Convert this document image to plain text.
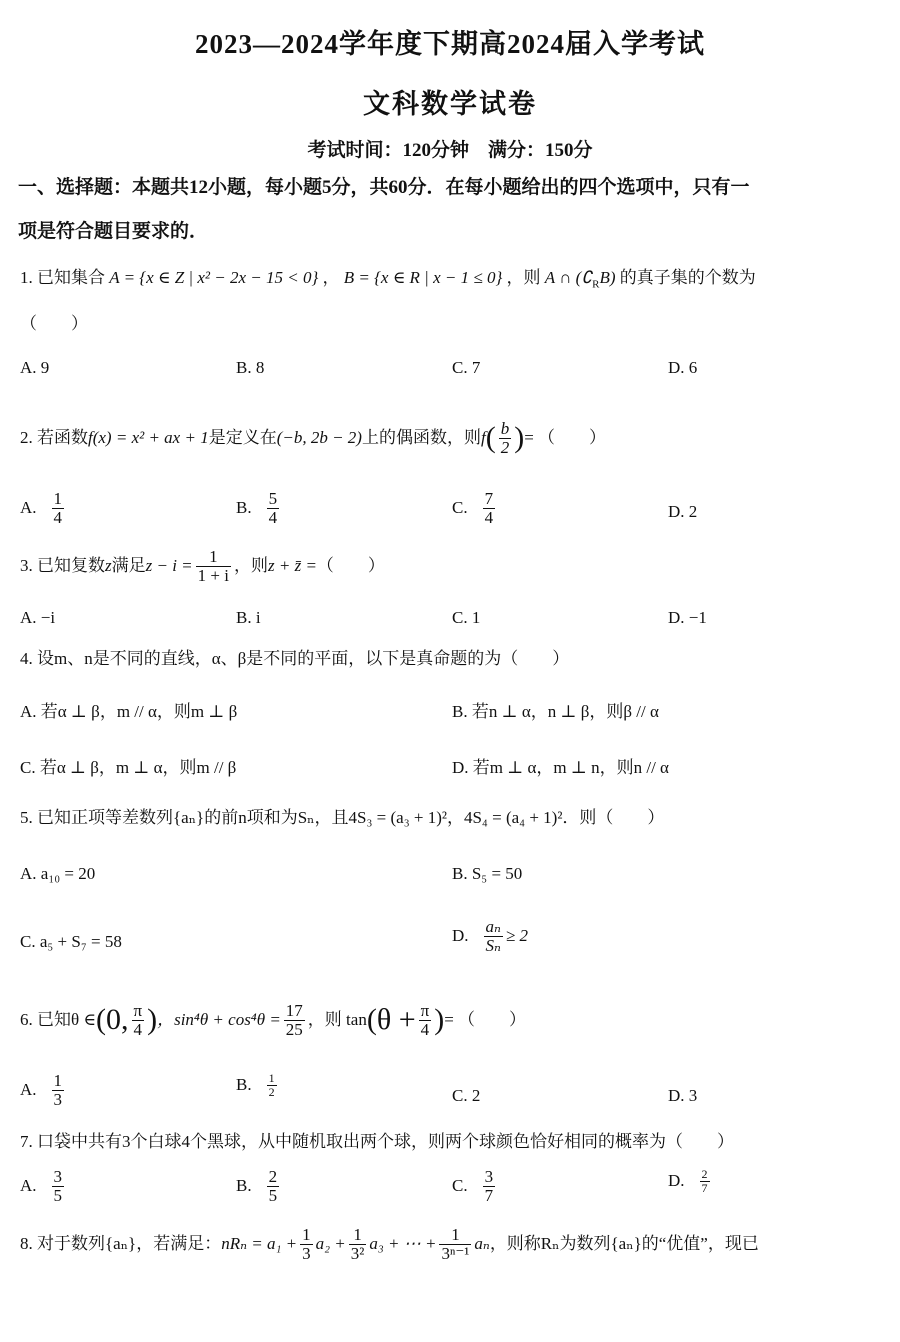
2023—2024学年度下期高2024届入学考试
文科数学试卷
考试时间：120分钟　满分：150分
一、选择题：本题共12小题，每小题5分，共60分．在每小题给出的四个选项中，只有一
项是符合题目要求的．
1. 已知集合 A = {x ∈ Z | x² − 2x − 15 < 0} ， B = {x ∈ R | x − 1 ≤ 0} ，则 A ∩ $(∁_RB)$ 的真子集的个数为
（　　）
A. 9	B. 8	C. 7	D. 6
2. 若函数 f(x) = x² + ax + 1 是定义在 (−b, 2b − 2) 上的偶函数，则 f ( $\frac{b}{2}$ ) = （　　）
A. $\frac{1}{4}$	B. $\frac{5}{4}$	C. $\frac{7}{4}$	D. 2
3. 已知复数 z 满足 $z - i = \frac{1}{1 + i}$ ，则 z + z̄ = （　　）
A. −i	B. i	C. 1	D. −1
4. 设m、n是不同的直线，α、β是不同的平面，以下是真命题的为（　　）
A. 若α ⊥ β，m // α，则m ⊥ β	B. 若n ⊥ α，n ⊥ β，则β // α
C. 若α ⊥ β，m ⊥ α，则m // β	D. 若m ⊥ α，m ⊥ n，则n // α
5. 已知正项等差数列{aₙ}的前n项和为Sₙ，且4S₃ = (a₃ + 1)²，4S₄ = (a₄ + 1)²．则（　　）
A. a₁₀ = 20	B. S₅ = 50
C. a₅ + S₇ = 58	D. $\frac{\text{aₙ}}{\text{Sₙ}} \ge 2$
6. 已知θ ∈ (0, $\frac{\pi}{4}$ ) ，$\sin^4\theta + \cos^4\theta = \frac{17}{25}$ ，则 $\tan (\theta + \frac{\pi}{4}$ ) = （　　）
A. $\frac{1}{3}$	B. $\frac{1}{2}$	C. 2	D. 3
7. 口袋中共有3个白球4个黑球，从中随机取出两个球，则两个球颜色恰好相同的概率为（　　）
A. $\frac{3}{5}$	B. $\frac{2}{5}$	C. $\frac{3}{7}$	D. $\frac{2}{7}$
8. 对于数列{aₙ}，若满足： $nR_n = a_1 + \frac{1}{3} a_2 + \frac{1}{\text{3²}} a_3$ + ⋯ + $\frac{1}{\text{3ⁿ⁻¹}}$ aₙ ，则称Rₙ为数列{aₙ}的“优值”，现已
